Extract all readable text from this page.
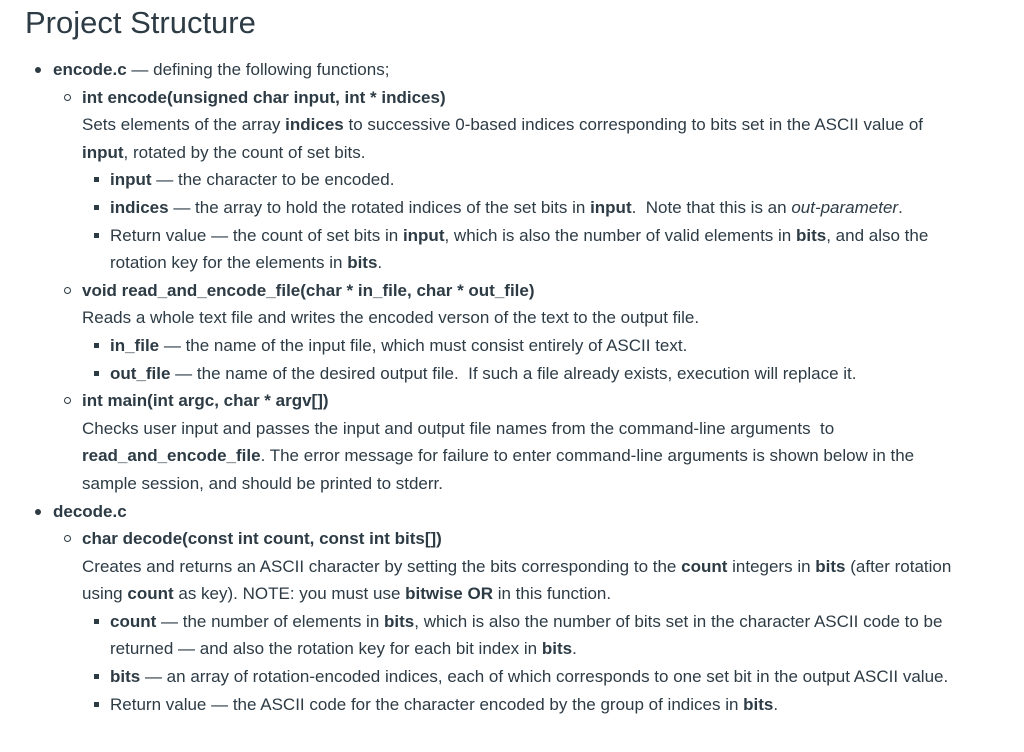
Project Structure
encode.c — defining the following functions;
int encode(unsigned char input, int * indices)
Sets elements of the array indices to successive 0-based indices corresponding to bits set in the ASCII value of input, rotated by the count of set bits.
input — the character to be encoded.
indices — the array to hold the rotated indices of the set bits in input.  Note that this is an out-parameter.
Return value — the count of set bits in input, which is also the number of valid elements in bits, and also the rotation key for the elements in bits.
void read_and_encode_file(char * in_file, char * out_file)
Reads a whole text file and writes the encoded verson of the text to the output file.
in_file — the name of the input file, which must consist entirely of ASCII text.
out_file — the name of the desired output file.  If such a file already exists, execution will replace it.
int main(int argc, char * argv[])
Checks user input and passes the input and output file names from the command-line arguments  to read_and_encode_file. The error message for failure to enter command-line arguments is shown below in the sample session, and should be printed to stderr.
decode.c
char decode(const int count, const int bits[])
Creates and returns an ASCII character by setting the bits corresponding to the count integers in bits (after rotation using count as key). NOTE: you must use bitwise OR in this function.
count — the number of elements in bits, which is also the number of bits set in the character ASCII code to be returned — and also the rotation key for each bit index in bits.
bits — an array of rotation-encoded indices, each of which corresponds to one set bit in the output ASCII value.
Return value — the ASCII code for the character encoded by the group of indices in bits.
